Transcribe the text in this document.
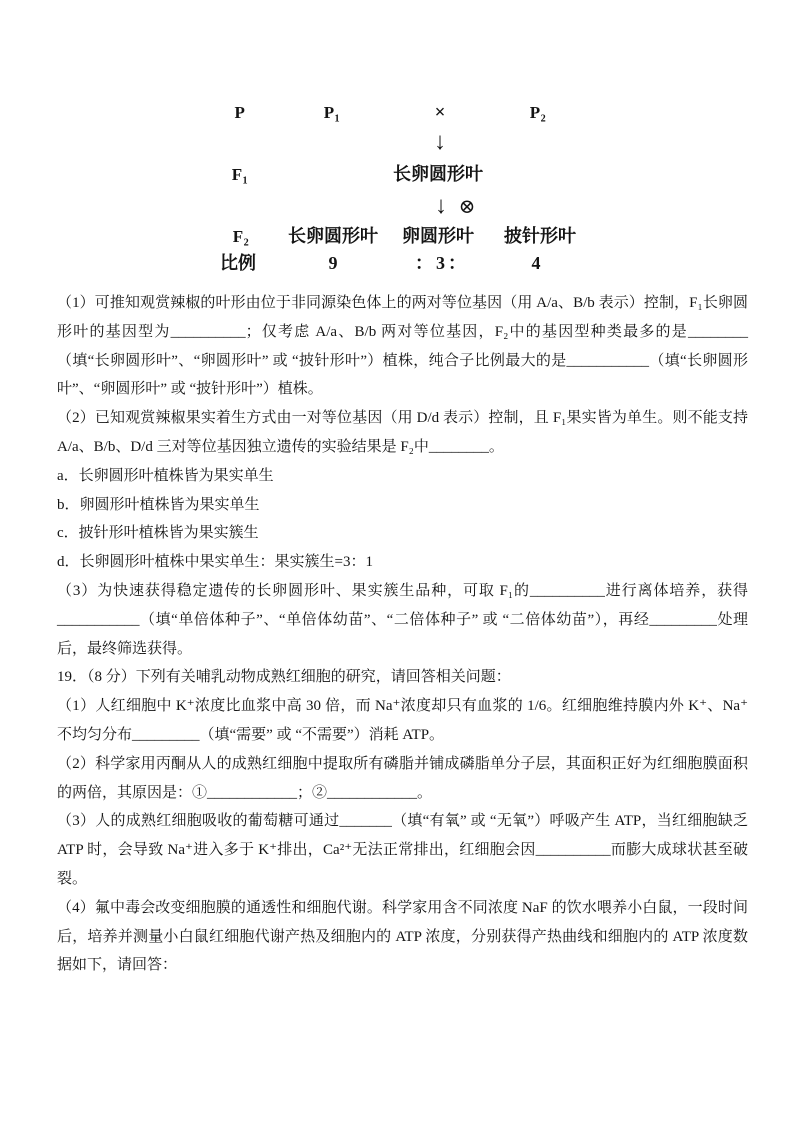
P	P₁	×	P₂
↓
F₁	长卵圆形叶
↓ ⊗
F₂ 长卵圆形叶 卵圆形叶 披针形叶
比例	9	：3：	4

（1）可推知观赏辣椒的叶形由位于非同源染色体上的两对等位基因（用 A/a、B/b 表示）控制，F₁长卵圆形叶的基因型为__________；仅考虑 A/a、B/b 两对等位基因，F₂中的基因型种类最多的是________（填“长卵圆形叶”、“卵圆形叶” 或 “披针形叶”）植株，纯合子比例最大的是___________（填“长卵圆形叶”、“卵圆形叶” 或 “披针形叶”）植株。

（2）已知观赏辣椒果实着生方式由一对等位基因（用 D/d 表示）控制，且 F₁果实皆为单生。则不能支持 A/a、B/b、D/d 三对等位基因独立遗传的实验结果是 F₂中________。

a．长卵圆形叶植株皆为果实单生

b．卵圆形叶植株皆为果实单生

c．披针形叶植株皆为果实簇生

d．长卵圆形叶植株中果实单生：果实簇生=3：1

（3）为快速获得稳定遗传的长卵圆形叶、果实簇生品种，可取 F₁的__________进行离体培养，获得___________（填“单倍体种子”、“单倍体幼苗”、“二倍体种子” 或 “二倍体幼苗”），再经_________处理后，最终筛选获得。

19．（8 分）下列有关哺乳动物成熟红细胞的研究，请回答相关问题：

（1）人红细胞中 K⁺浓度比血浆中高 30 倍，而 Na⁺浓度却只有血浆的 1/6。红细胞维持膜内外 K⁺、Na⁺不均匀分布_________（填“需要” 或 “不需要”）消耗 ATP。

（2）科学家用丙酮从人的成熟红细胞中提取所有磷脂并铺成磷脂单分子层，其面积正好为红细胞膜面积的两倍，其原因是：①____________；②____________。

（3）人的成熟红细胞吸收的葡萄糖可通过_______（填“有氧” 或 “无氧”）呼吸产生 ATP，当红细胞缺乏 ATP 时，会导致 Na⁺进入多于 K⁺排出，Ca²⁺无法正常排出，红细胞会因__________而膨大成球状甚至破裂。

（4）氟中毒会改变细胞膜的通透性和细胞代谢。科学家用含不同浓度 NaF 的饮水喂养小白鼠，一段时间后，培养并测量小白鼠红细胞代谢产热及细胞内的 ATP 浓度，分别获得产热曲线和细胞内的 ATP 浓度数据如下，请回答：
